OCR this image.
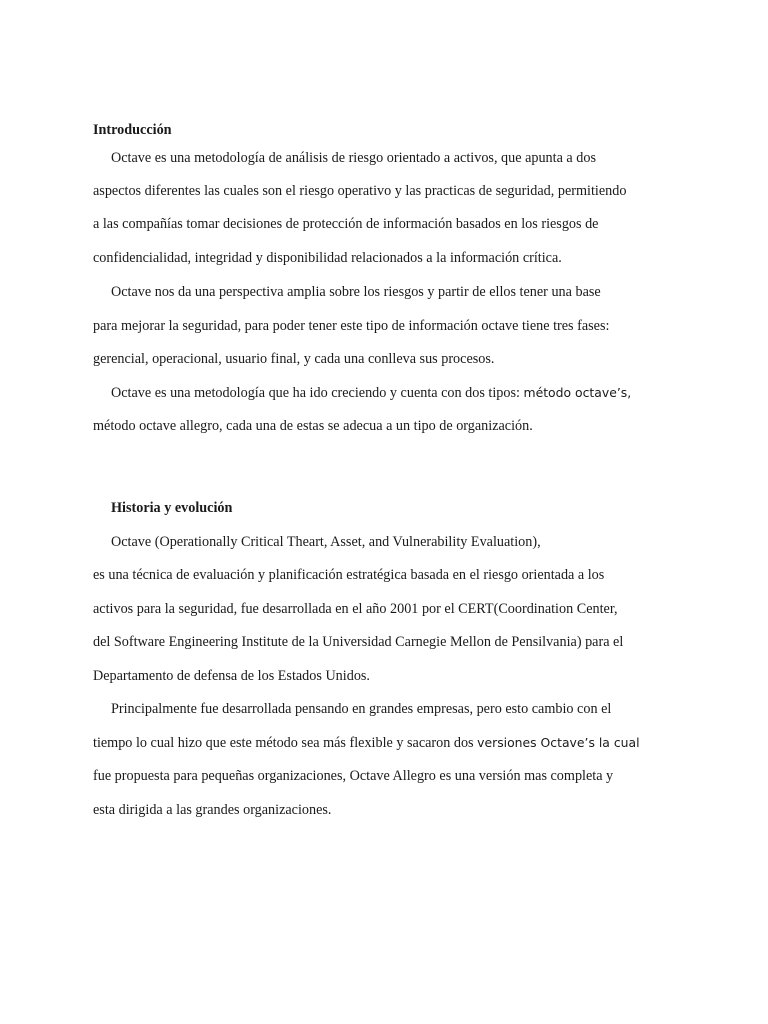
Introducción
Octave es una metodología de análisis de riesgo orientado a activos, que apunta a dos
aspectos diferentes las cuales son el riesgo operativo y las practicas de seguridad, permitiendo
a las compañías tomar decisiones de protección de información basados en los riesgos de
confidencialidad, integridad y disponibilidad relacionados a la información crítica.
Octave nos da una perspectiva amplia sobre los riesgos y partir de ellos tener una base
para mejorar la seguridad, para poder tener este tipo de información octave tiene tres fases:
gerencial, operacional, usuario final, y cada una conlleva sus procesos.
Octave es una metodología que ha ido creciendo y cuenta con dos tipos: método octave’s,
método octave allegro, cada una de estas se adecua a un tipo de organización.
Historia y evolución
Octave (Operationally Critical Theart, Asset, and Vulnerability Evaluation),
es una técnica de evaluación y planificación estratégica basada en el riesgo orientada a los
activos para la seguridad, fue desarrollada en el año 2001 por el CERT(Coordination Center,
del Software Engineering Institute de la Universidad Carnegie Mellon de Pensilvania) para el
Departamento de defensa de los Estados Unidos.
Principalmente fue desarrollada pensando en grandes empresas, pero esto cambio con el
tiempo lo cual hizo que este método sea más flexible y sacaron dos versiones Octave’s la cual
fue propuesta para pequeñas organizaciones, Octave Allegro es una versión mas completa y
esta dirigida a las grandes organizaciones.
